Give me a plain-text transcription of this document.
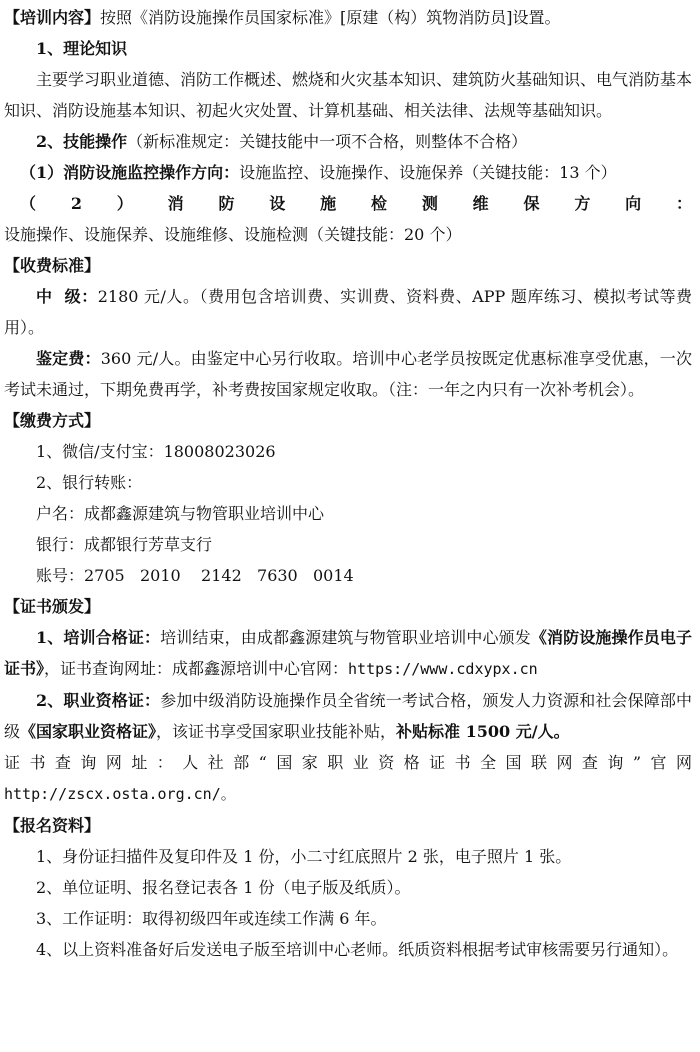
【培训内容】按照《消防设施操作员国家标准》[原建（构）筑物消防员]设置。

1、理论知识

主要学习职业道德、消防工作概述、燃烧和火灾基本知识、建筑防火基础知识、电气消防基本知识、消防设施基本知识、初起火灾处置、计算机基础、相关法律、法规等基础知识。

2、技能操作（新标准规定：关键技能中一项不合格，则整体不合格）

（1）消防设施监控操作方向：设施监控、设施操作、设施保养（关键技能：13 个）

（2）消防设施检测维保方向：设施操作、设施保养、设施维修、设施检测（关键技能：20 个）

【收费标准】

中  级：2180 元/人。（费用包含培训费、实训费、资料费、APP 题库练习、模拟考试等费用）。

鉴定费：360 元/人。由鉴定中心另行收取。培训中心老学员按既定优惠标准享受优惠，一次考试未通过，下期免费再学，补考费按国家规定收取。（注：一年之内只有一次补考机会）。

【缴费方式】

1、微信/支付宝：18008023026

2、银行转账：

户名：成都鑫源建筑与物管职业培训中心

银行：成都银行芳草支行

账号：2705   2010    2142   7630   0014

【证书颁发】

1、培训合格证：培训结束，由成都鑫源建筑与物管职业培训中心颁发《消防设施操作员电子证书》，证书查询网址：成都鑫源培训中心官网：https://www.cdxypx.cn

2、职业资格证：参加中级消防设施操作员全省统一考试合格，颁发人力资源和社会保障部中级《国家职业资格证》，该证书享受国家职业技能补贴，补贴标准 1500 元/人。

证书查询网址：人社部“国家职业资格证书全国联网查询”官网

http://zscx.osta.org.cn/。

【报名资料】

1、身份证扫描件及复印件及 1 份，小二寸红底照片 2 张，电子照片 1 张。

2、单位证明、报名登记表各 1 份（电子版及纸质）。

3、工作证明：取得初级四年或连续工作满 6 年。

4、以上资料准备好后发送电子版至培训中心老师。纸质资料根据考试审核需要另行通知）。
